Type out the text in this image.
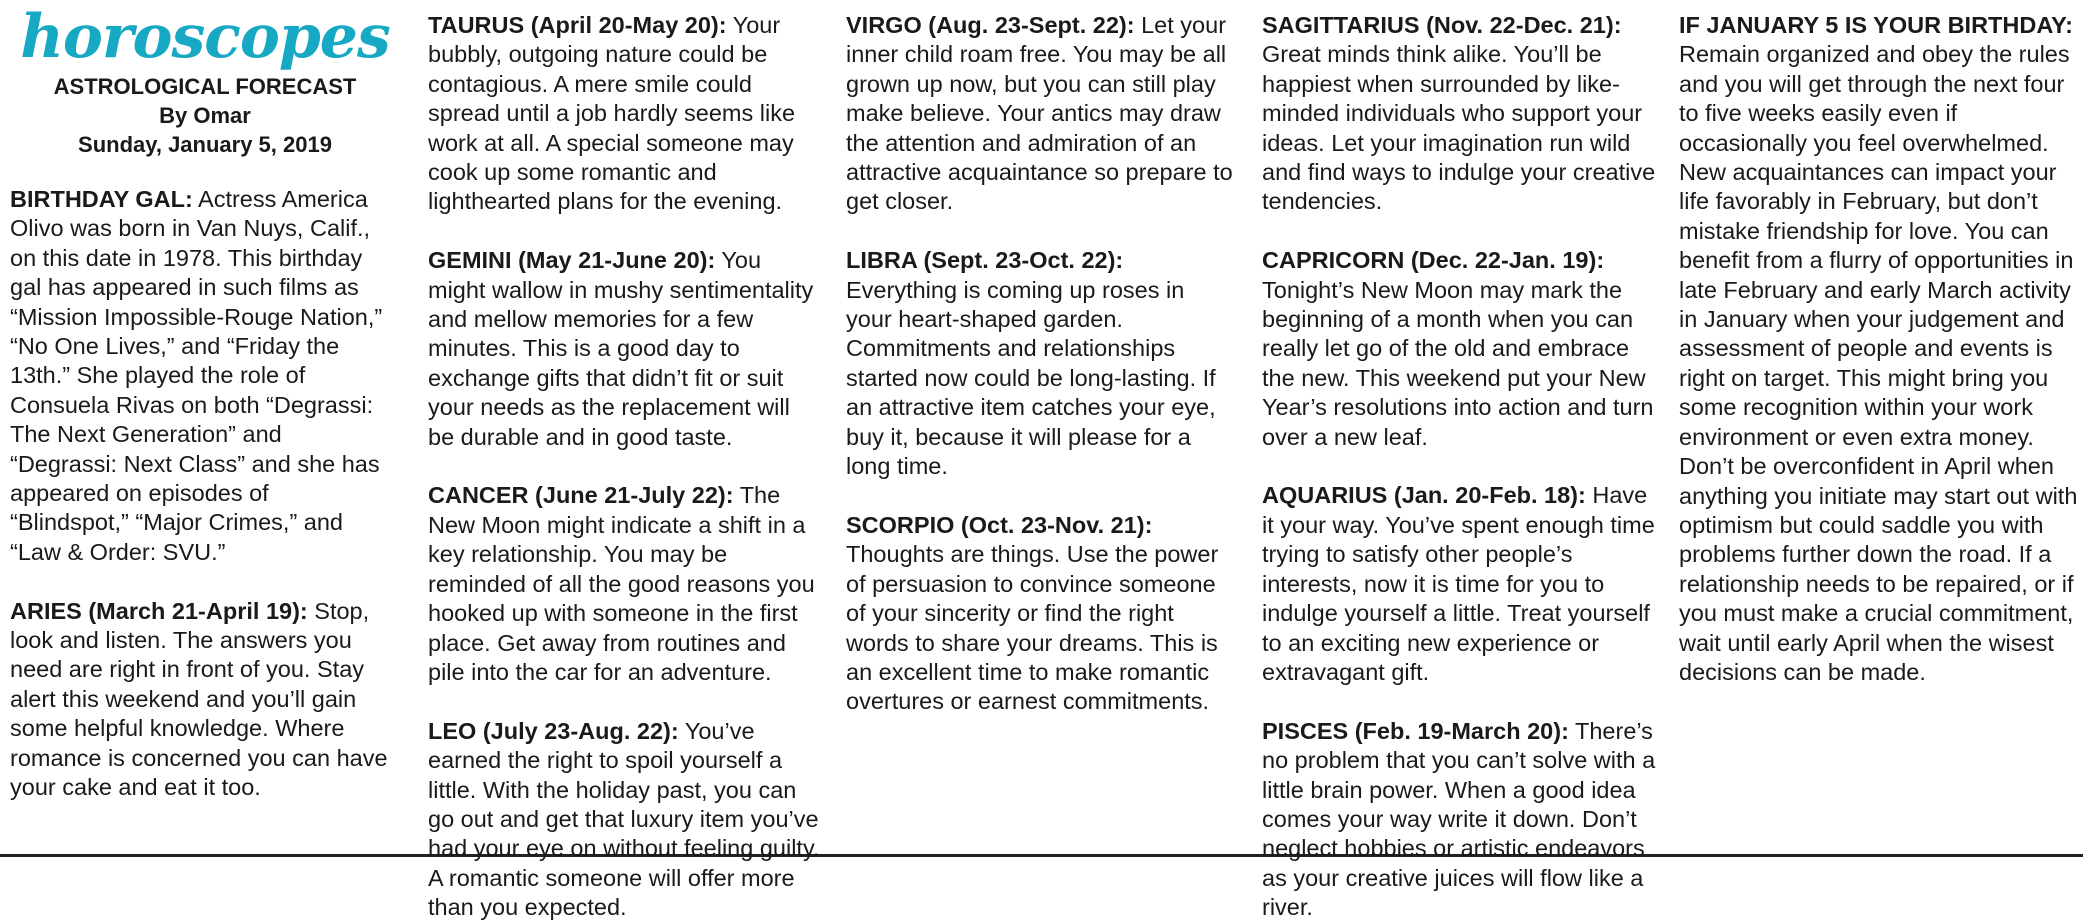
horoscopes
ASTROLOGICAL FORECAST
By Omar
Sunday, January 5, 2019

BIRTHDAY GAL: Actress America Olivo was born in Van Nuys, Calif., on this date in 1978. This birthday gal has appeared in such films as “Mission Impossible-Rouge Nation,” “No One Lives,” and “Friday the 13th.” She played the role of Consuela Rivas on both “Degrassi: The Next Generation” and “Degrassi: Next Class” and she has appeared on episodes of “Blindspot,” “Major Crimes,” and “Law & Order: SVU.”

ARIES (March 21-April 19): Stop, look and listen. The answers you need are right in front of you. Stay alert this weekend and you’ll gain some helpful knowledge. Where romance is concerned you can have your cake and eat it too.

TAURUS (April 20-May 20): Your bubbly, outgoing nature could be contagious. A mere smile could spread until a job hardly seems like work at all. A special someone may cook up some romantic and lighthearted plans for the evening.

GEMINI (May 21-June 20): You might wallow in mushy sentimentality and mellow memories for a few minutes. This is a good day to exchange gifts that didn’t fit or suit your needs as the replacement will be durable and in good taste.

CANCER (June 21-July 22): The New Moon might indicate a shift in a key relationship. You may be reminded of all the good reasons you hooked up with someone in the first place. Get away from routines and pile into the car for an adventure.

LEO (July 23-Aug. 22): You’ve earned the right to spoil yourself a little. With the holiday past, you can go out and get that luxury item you’ve had your eye on without feeling guilty. A romantic someone will offer more than you expected.

VIRGO (Aug. 23-Sept. 22): Let your inner child roam free. You may be all grown up now, but you can still play make believe. Your antics may draw the attention and admiration of an attractive acquaintance so prepare to get closer.

LIBRA (Sept. 23-Oct. 22): Everything is coming up roses in your heart-shaped garden. Commitments and relationships started now could be long-lasting. If an attractive item catches your eye, buy it, because it will please for a long time.

SCORPIO (Oct. 23-Nov. 21): Thoughts are things. Use the power of persuasion to convince someone of your sincerity or find the right words to share your dreams. This is an excellent time to make romantic overtures or earnest commitments.

SAGITTARIUS (Nov. 22-Dec. 21): Great minds think alike. You’ll be happiest when surrounded by like-minded individuals who support your ideas. Let your imagination run wild and find ways to indulge your creative tendencies.

CAPRICORN (Dec. 22-Jan. 19): Tonight’s New Moon may mark the beginning of a month when you can really let go of the old and embrace the new. This weekend put your New Year’s resolutions into action and turn over a new leaf.

AQUARIUS (Jan. 20-Feb. 18): Have it your way. You’ve spent enough time trying to satisfy other people’s interests, now it is time for you to indulge yourself a little. Treat yourself to an exciting new experience or extravagant gift.

PISCES (Feb. 19-March 20): There’s no problem that you can’t solve with a little brain power. When a good idea comes your way write it down. Don’t neglect hobbies or artistic endeavors as your creative juices will flow like a river.

IF JANUARY 5 IS YOUR BIRTHDAY: Remain organized and obey the rules and you will get through the next four to five weeks easily even if occasionally you feel overwhelmed. New acquaintances can impact your life favorably in February, but don’t mistake friendship for love. You can benefit from a flurry of opportunities in late February and early March activity in January when your judgement and assessment of people and events is right on target. This might bring you some recognition within your work environment or even extra money. Don’t be overconfident in April when anything you initiate may start out with optimism but could saddle you with problems further down the road. If a relationship needs to be repaired, or if you must make a crucial commitment, wait until early April when the wisest decisions can be made.
